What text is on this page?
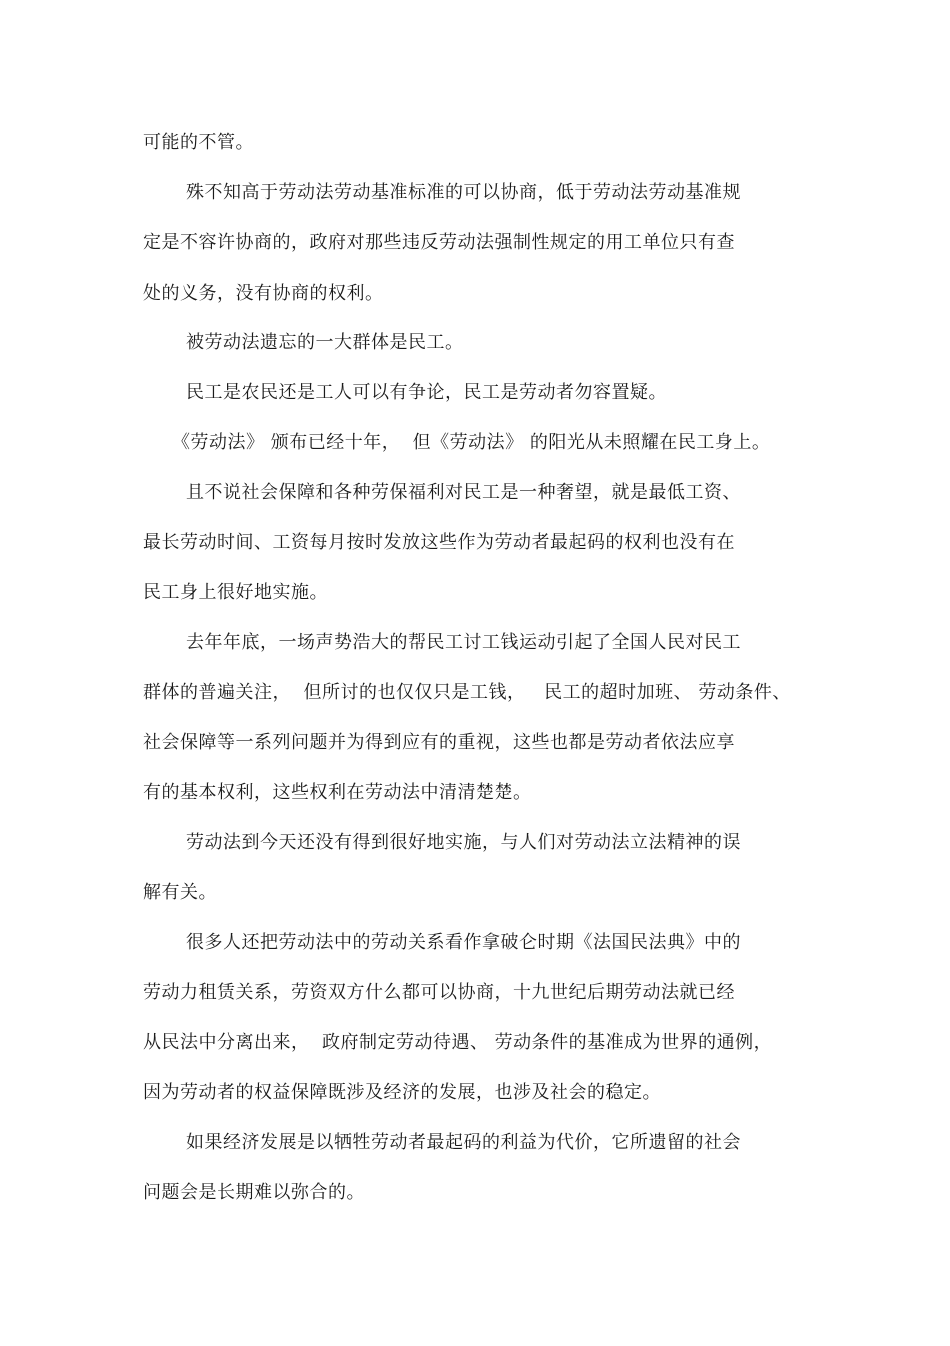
可能的不管。
殊不知高于劳动法劳动基准标准的可以协商，低于劳动法劳动基准规
定是不容许协商的，政府对那些违反劳动法强制性规定的用工单位只有查
处的义务，没有协商的权利。
被劳动法遗忘的一大群体是民工。
民工是农民还是工人可以有争论，民工是劳动者勿容置疑。
《劳动法》 颁布已经十年，  但《劳动法》 的阳光从未照耀在民工身上。
且不说社会保障和各种劳保福利对民工是一种奢望，就是最低工资、
最长劳动时间、工资每月按时发放这些作为劳动者最起码的权利也没有在
民工身上很好地实施。
去年年底，一场声势浩大的帮民工讨工钱运动引起了全国人民对民工
群体的普遍关注，  但所讨的也仅仅只是工钱，   民工的超时加班、 劳动条件、
社会保障等一系列问题并为得到应有的重视，这些也都是劳动者依法应享
有的基本权利，这些权利在劳动法中清清楚楚。
劳动法到今天还没有得到很好地实施，与人们对劳动法立法精神的误
解有关。
很多人还把劳动法中的劳动关系看作拿破仑时期《法国民法典》中的
劳动力租赁关系，劳资双方什么都可以协商，十九世纪后期劳动法就已经
从民法中分离出来，  政府制定劳动待遇、 劳动条件的基准成为世界的通例，
因为劳动者的权益保障既涉及经济的发展，也涉及社会的稳定。
如果经济发展是以牺牲劳动者最起码的利益为代价，它所遗留的社会
问题会是长期难以弥合的。
